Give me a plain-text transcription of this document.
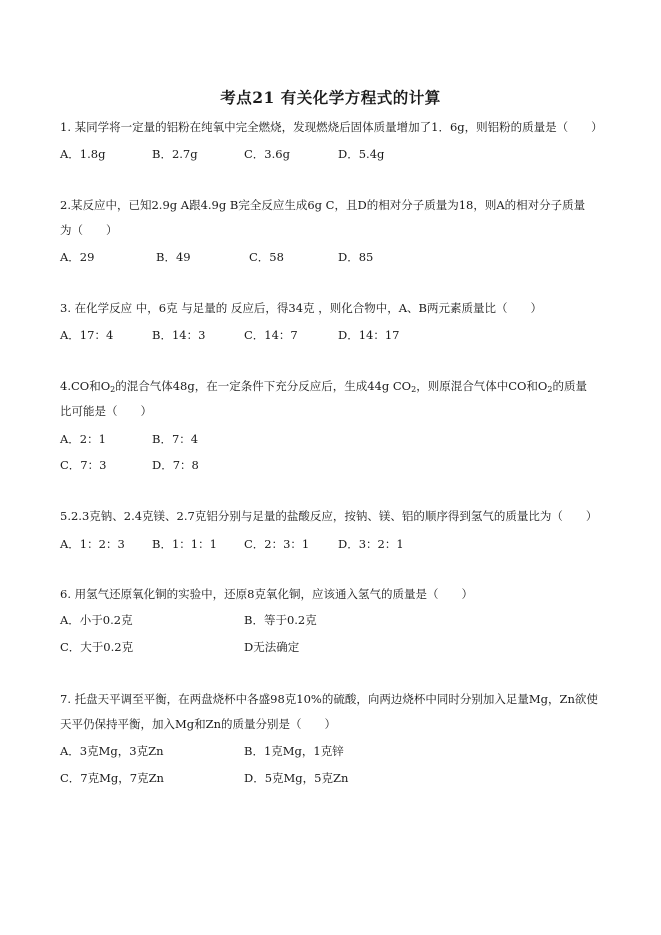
考点21 有关化学方程式的计算
1. 某同学将一定量的铝粉在纯氧中完全燃烧，发现燃烧后固体质量增加了1．6g，则铝粉的质量是（　　）
A．1.8g	B．2.7g	C．3.6g	D．5.4g
2.某反应中，已知2.9g A跟4.9g B完全反应生成6g C，且D的相对分子质量为18，则A的相对分子质量
为（　　）
A．29	B．49	C．58	D．85
3. 在化学反应 中，6克 与足量的 反应后，得34克 ，则化合物中，A、B两元素质量比（　　）
A．17：4	B．14：3	C．14：7	D．14：17
4.CO和$O_2$的混合气体48g，在一定条件下充分反应后，生成44g $CO_2$，则原混合气体中CO和$O_2$的质量
比可能是（　　）
A．2：1	B．7：4
C．7：3	D．7：8
5.2.3克钠、2.4克镁、2.7克铝分别与足量的盐酸反应，按钠、镁、铝的顺序得到氢气的质量比为（　　）
A．1：2：3 B．1：1：1 C．2：3：1	D．3：2：1
6. 用氢气还原氧化铜的实验中，还原8克氧化铜，应该通入氢气的质量是（　　）
A．小于0.2克	B．等于0.2克
C．大于0.2克	D无法确定
7. 托盘天平调至平衡，在两盘烧杯中各盛98克10%的硫酸，向两边烧杯中同时分别加入足量Mg，Zn欲使
天平仍保持平衡，加入Mg和Zn的质量分别是（　　）
A．3克Mg，3克Zn	B．1克Mg，1克锌
C．7克Mg，7克Zn	D．5克Mg，5克Zn
